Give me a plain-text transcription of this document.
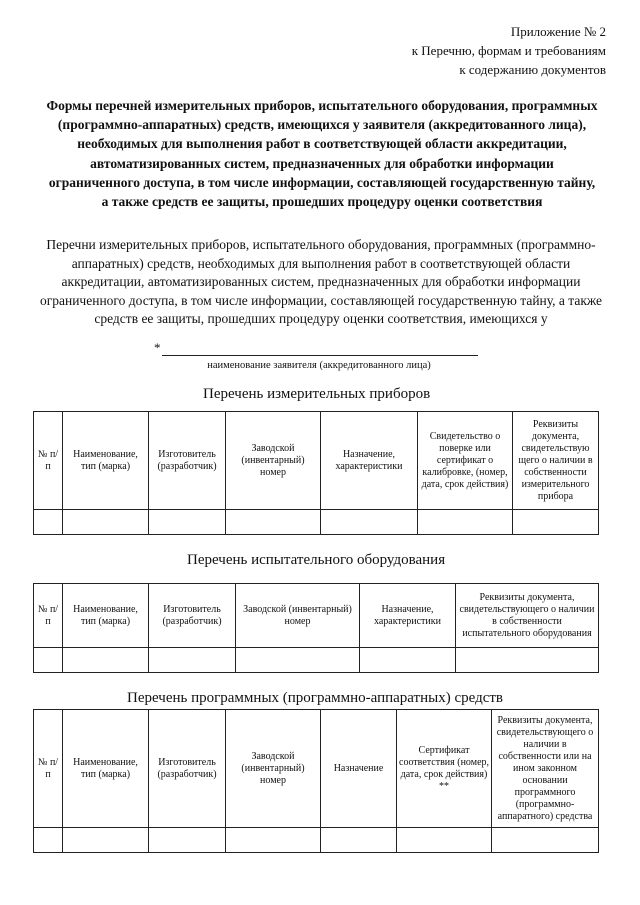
Приложение № 2
к Перечню, формам и требованиям
к содержанию документов
Формы перечней измерительных приборов, испытательного оборудования, программных (программно-аппаратных) средств, имеющихся у заявителя (аккредитованного лица), необходимых для выполнения работ в соответствующей области аккредитации, автоматизированных систем, предназначенных для обработки информации ограниченного доступа, в том числе информации, составляющей государственную тайну, а также средств ее защиты, прошедших процедуру оценки соответствия
Перечни измерительных приборов, испытательного оборудования, программных (программно-аппаратных) средств, необходимых для выполнения работ в соответствующей области аккредитации, автоматизированных систем, предназначенных для обработки информации ограниченного доступа, в том числе информации, составляющей государственную тайну, а также средств ее защиты, прошедших процедуру оценки соответствия, имеющихся у
*
наименование заявителя (аккредитованного лица)
Перечень измерительных приборов
№ п/п	Наименование, тип (марка)	Изготовитель (разработчик)	Заводской (инвентарный) номер	Назначение, характеристики	Свидетельство о поверке или сертификат о калибровке, (номер, дата, срок действия)	Реквизиты документа, свидетельствую щего о наличии в собственности измерительного прибора

Перечень испытательного оборудования
№ п/п	Наименование, тип (марка)	Изготовитель (разработчик)	Заводской (инвентарный) номер	Назначение, характеристики	Реквизиты документа, свидетельствующего о наличии в собственности испытательного оборудования

Перечень программных (программно-аппаратных) средств
№ п/п	Наименование, тип (марка)	Изготовитель (разработчик)	Заводской (инвентарный) номер	Назначение	Сертификат соответствия (номер, дата, срок действия) **	Реквизиты документа, свидетельствующего о наличии в собственности или на ином законном основании программного (программно-аппаратного) средства
